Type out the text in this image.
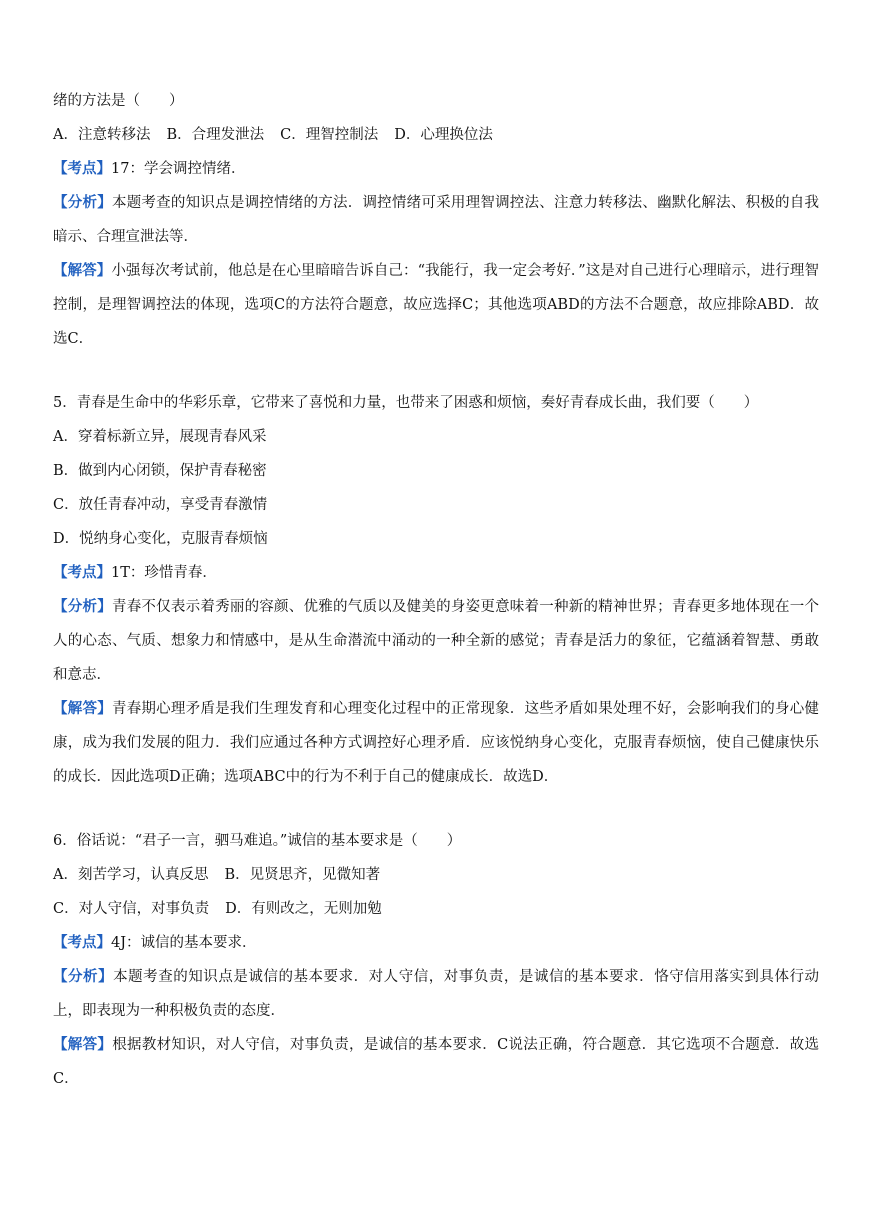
绪的方法是（　　）
A．注意转移法 B．合理发泄法 C．理智控制法 D．心理换位法
【考点】17：学会调控情绪．
【分析】本题考查的知识点是调控情绪的方法．调控情绪可采用理智调控法、注意力转移法、幽默化解法、积极的自我暗示、合理宣泄法等．
【解答】小强每次考试前，他总是在心里暗暗告诉自己：“我能行，我一定会考好．”这是对自己进行心理暗示，进行理智控制，是理智调控法的体现，选项C的方法符合题意，故应选择C；其他选项ABD的方法不合题意，故应排除ABD．故选C．
5．青春是生命中的华彩乐章，它带来了喜悦和力量，也带来了困惑和烦恼，奏好青春成长曲，我们要（　　）
A．穿着标新立异，展现青春风采
B．做到内心闭锁，保护青春秘密
C．放任青春冲动，享受青春激情
D．悦纳身心变化，克服青春烦恼
【考点】1T：珍惜青春．
【分析】青春不仅表示着秀丽的容颜、优雅的气质以及健美的身姿更意味着一种新的精神世界；青春更多地体现在一个人的心态、气质、想象力和情感中，是从生命潜流中涌动的一种全新的感觉；青春是活力的象征，它蕴涵着智慧、勇敢和意志．
【解答】青春期心理矛盾是我们生理发育和心理变化过程中的正常现象．这些矛盾如果处理不好，会影响我们的身心健康，成为我们发展的阻力．我们应通过各种方式调控好心理矛盾．应该悦纳身心变化，克服青春烦恼，使自己健康快乐的成长．因此选项D正确；选项ABC中的行为不利于自己的健康成长．故选D．
6．俗话说：“君子一言，驷马难追。”诚信的基本要求是（　　）
A．刻苦学习，认真反思 B．见贤思齐，见微知著
C．对人守信，对事负责 D．有则改之，无则加勉
【考点】4J：诚信的基本要求．
【分析】本题考查的知识点是诚信的基本要求．对人守信，对事负责，是诚信的基本要求．恪守信用落实到具体行动上，即表现为一种积极负责的态度．
【解答】根据教材知识，对人守信，对事负责，是诚信的基本要求．C说法正确，符合题意．其它选项不合题意．故选C．
